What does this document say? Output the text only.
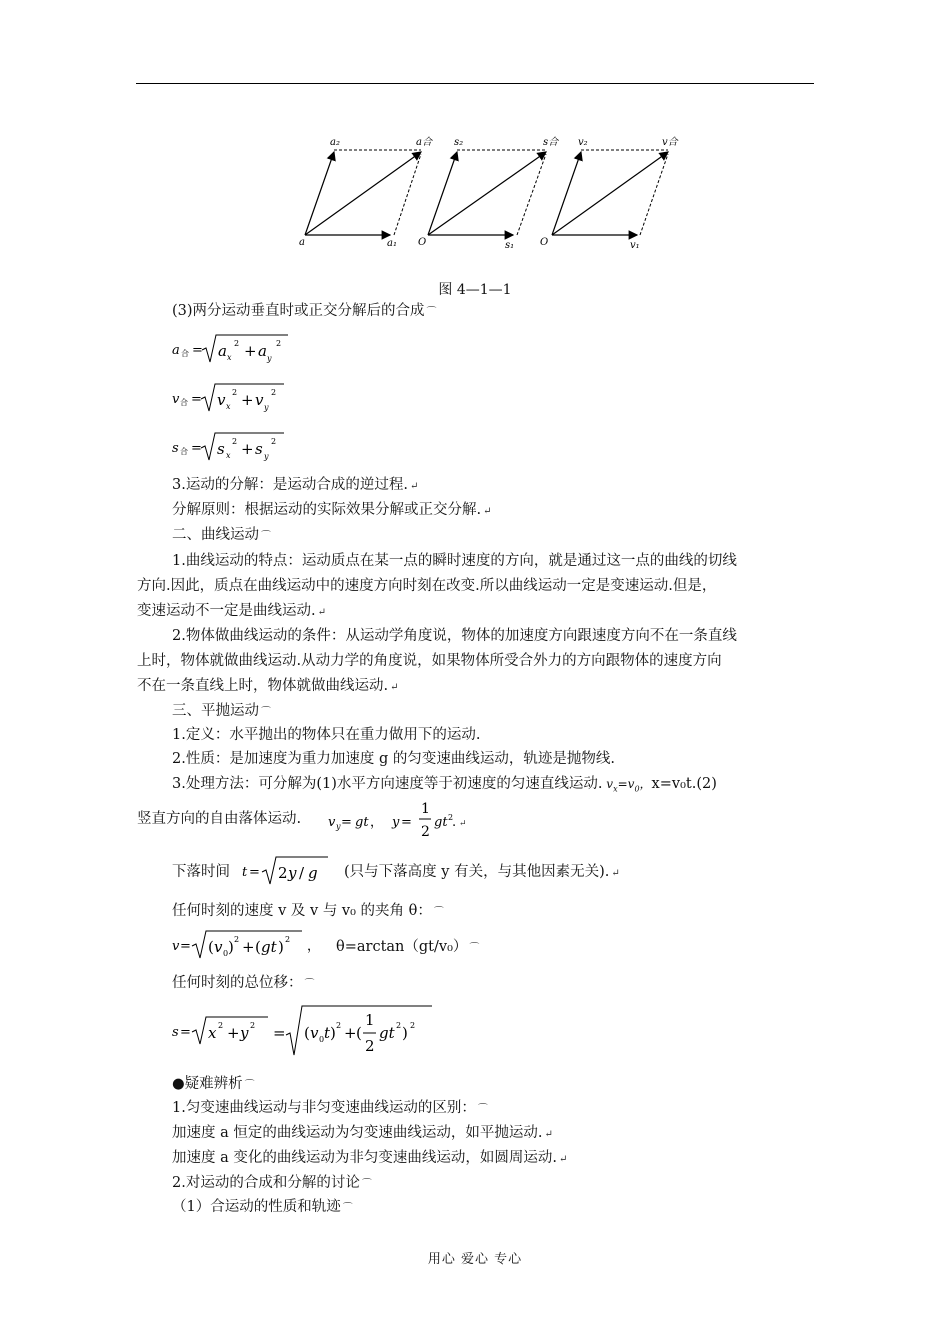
a	a₁
a₂	a合
O	s₁
s₂	s合
O	v₁
v₂	v合
图 4—1—1
(3)两分运动垂直时或正交分解后的合成 ⌒
a 合 = a x
2 + a y
2
v 合 = v x
2 + v y
2
s 合 = s x
2 + s y
2
3.运动的分解：是运动合成的逆过程. ↵
分解原则：根据运动的实际效果分解或正交分解. ↵
二、曲线运动 ⌒
1.曲线运动的特点：运动质点在某一点的瞬时速度的方向，就是通过这一点的曲线的切线
方向.因此，质点在曲线运动中的速度方向时刻在改变.所以曲线运动一定是变速运动.但是，
变速运动不一定是曲线运动. ↵
2.物体做曲线运动的条件：从运动学角度说，物体的加速度方向跟速度方向不在一条直线
上时，物体就做曲线运动.从动力学的角度说，如果物体所受合外力的方向跟物体的速度方向
不在一条直线上时，物体就做曲线运动. ↵
三、平抛运动 ⌒
1.定义：水平抛出的物体只在重力做用下的运动.
2.性质：是加速度为重力加速度 g 的匀变速曲线运动，轨迹是抛物线.
3.处理方法：可分解为(1)水平方向速度等于初速度的匀速直线运动. $v_x=v_0$，x=v₀t.(2)
竖直方向的自由落体运动. v y = gt ， y =
1
2
gt 2
. ↵
下落时间 t = 2 y / g (只与下落高度 y 有关，与其他因素无关). ↵
任何时刻的速度 v 及 v 与 v₀ 的夹角 θ： ⌒
v = ( v 0 ) 2 + ( gt ) 2 ， θ=arctan（gt/v₀） ⌒
任何时刻的总位移： ⌒
s = x 2 + y 2 = ( v 0 t ) 2 + (
1
2
gt 2 ) 2
●疑难辨析 ⌒
1.匀变速曲线运动与非匀变速曲线运动的区别： ⌒
加速度 a 恒定的曲线运动为匀变速曲线运动，如平抛运动. ↵
加速度 a 变化的曲线运动为非匀变速曲线运动，如圆周运动. ↵
2.对运动的合成和分解的讨论 ⌒
（1）合运动的性质和轨迹 ⌒
用心 爱心 专心
